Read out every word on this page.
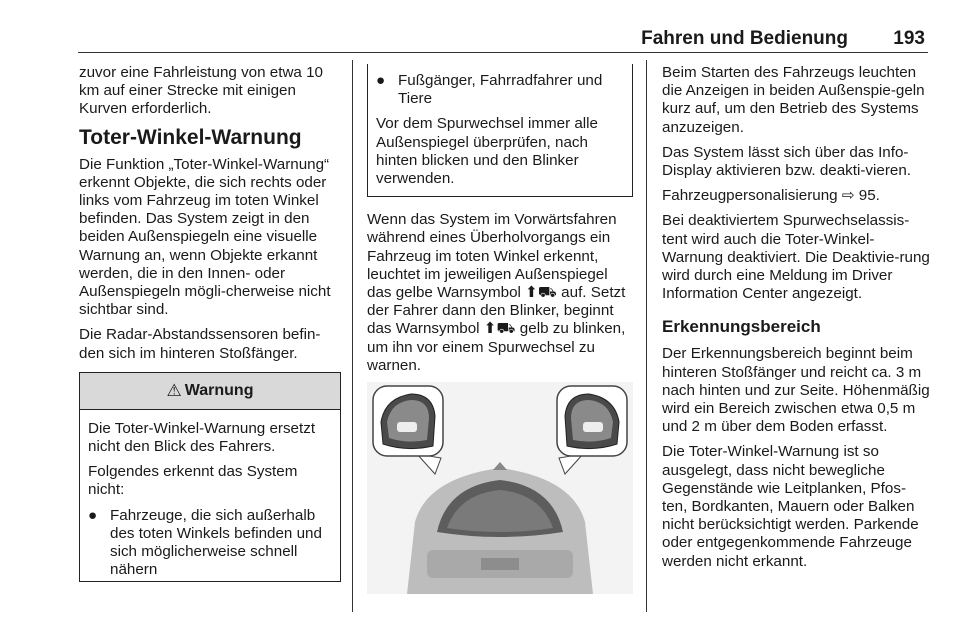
Fahren und Bedienung 193

zuvor eine Fahrleistung von etwa 10 km auf einer Strecke mit einigen Kurven erforderlich.

Toter-Winkel-Warnung

Die Funktion „Toter-Winkel-Warnung“ erkennt Objekte, die sich rechts oder links vom Fahrzeug im toten Winkel befinden. Das System zeigt in den beiden Außenspiegeln eine visuelle Warnung an, wenn Objekte erkannt werden, die in den Innen- oder Außenspiegeln mögli-cherweise nicht sichtbar sind.

Die Radar-Abstandssensoren befin-den sich im hinteren Stoßfänger.

⚠ Warnung

Die Toter-Winkel-Warnung ersetzt nicht den Blick des Fahrers.

Folgendes erkennt das System nicht:

● Fahrzeuge, die sich außerhalb des toten Winkels befinden und sich möglicherweise schnell nähern
● Fußgänger, Fahrradfahrer und Tiere

Vor dem Spurwechsel immer alle Außenspiegel überprüfen, nach hinten blicken und den Blinker verwenden.

Wenn das System im Vorwärtsfahren während eines Überholvorgangs ein Fahrzeug im toten Winkel erkennt, leuchtet im jeweiligen Außenspiegel das gelbe Warnsymbol ⬆⛟ auf. Setzt der Fahrer dann den Blinker, beginnt das Warnsymbol ⬆⛟ gelb zu blinken, um ihn vor einem Spurwechsel zu warnen.

Beim Starten des Fahrzeugs leuchten die Anzeigen in beiden Außenspie-geln kurz auf, um den Betrieb des Systems anzuzeigen.

Das System lässt sich über das Info-Display aktivieren bzw. deakti-vieren.

Fahrzeugpersonalisierung ⇨ 95.

Bei deaktiviertem Spurwechselassis-tent wird auch die Toter-Winkel-Warnung deaktiviert. Die Deaktivie-rung wird durch eine Meldung im Driver Information Center angezeigt.

Erkennungsbereich

Der Erkennungsbereich beginnt beim hinteren Stoßfänger und reicht ca. 3 m nach hinten und zur Seite. Höhenmäßig wird ein Bereich zwischen etwa 0,5 m und 2 m über dem Boden erfasst.

Die Toter-Winkel-Warnung ist so ausgelegt, dass nicht bewegliche Gegenstände wie Leitplanken, Pfos-ten, Bordkanten, Mauern oder Balken nicht berücksichtigt werden. Parkende oder entgegenkommende Fahrzeuge werden nicht erkannt.
